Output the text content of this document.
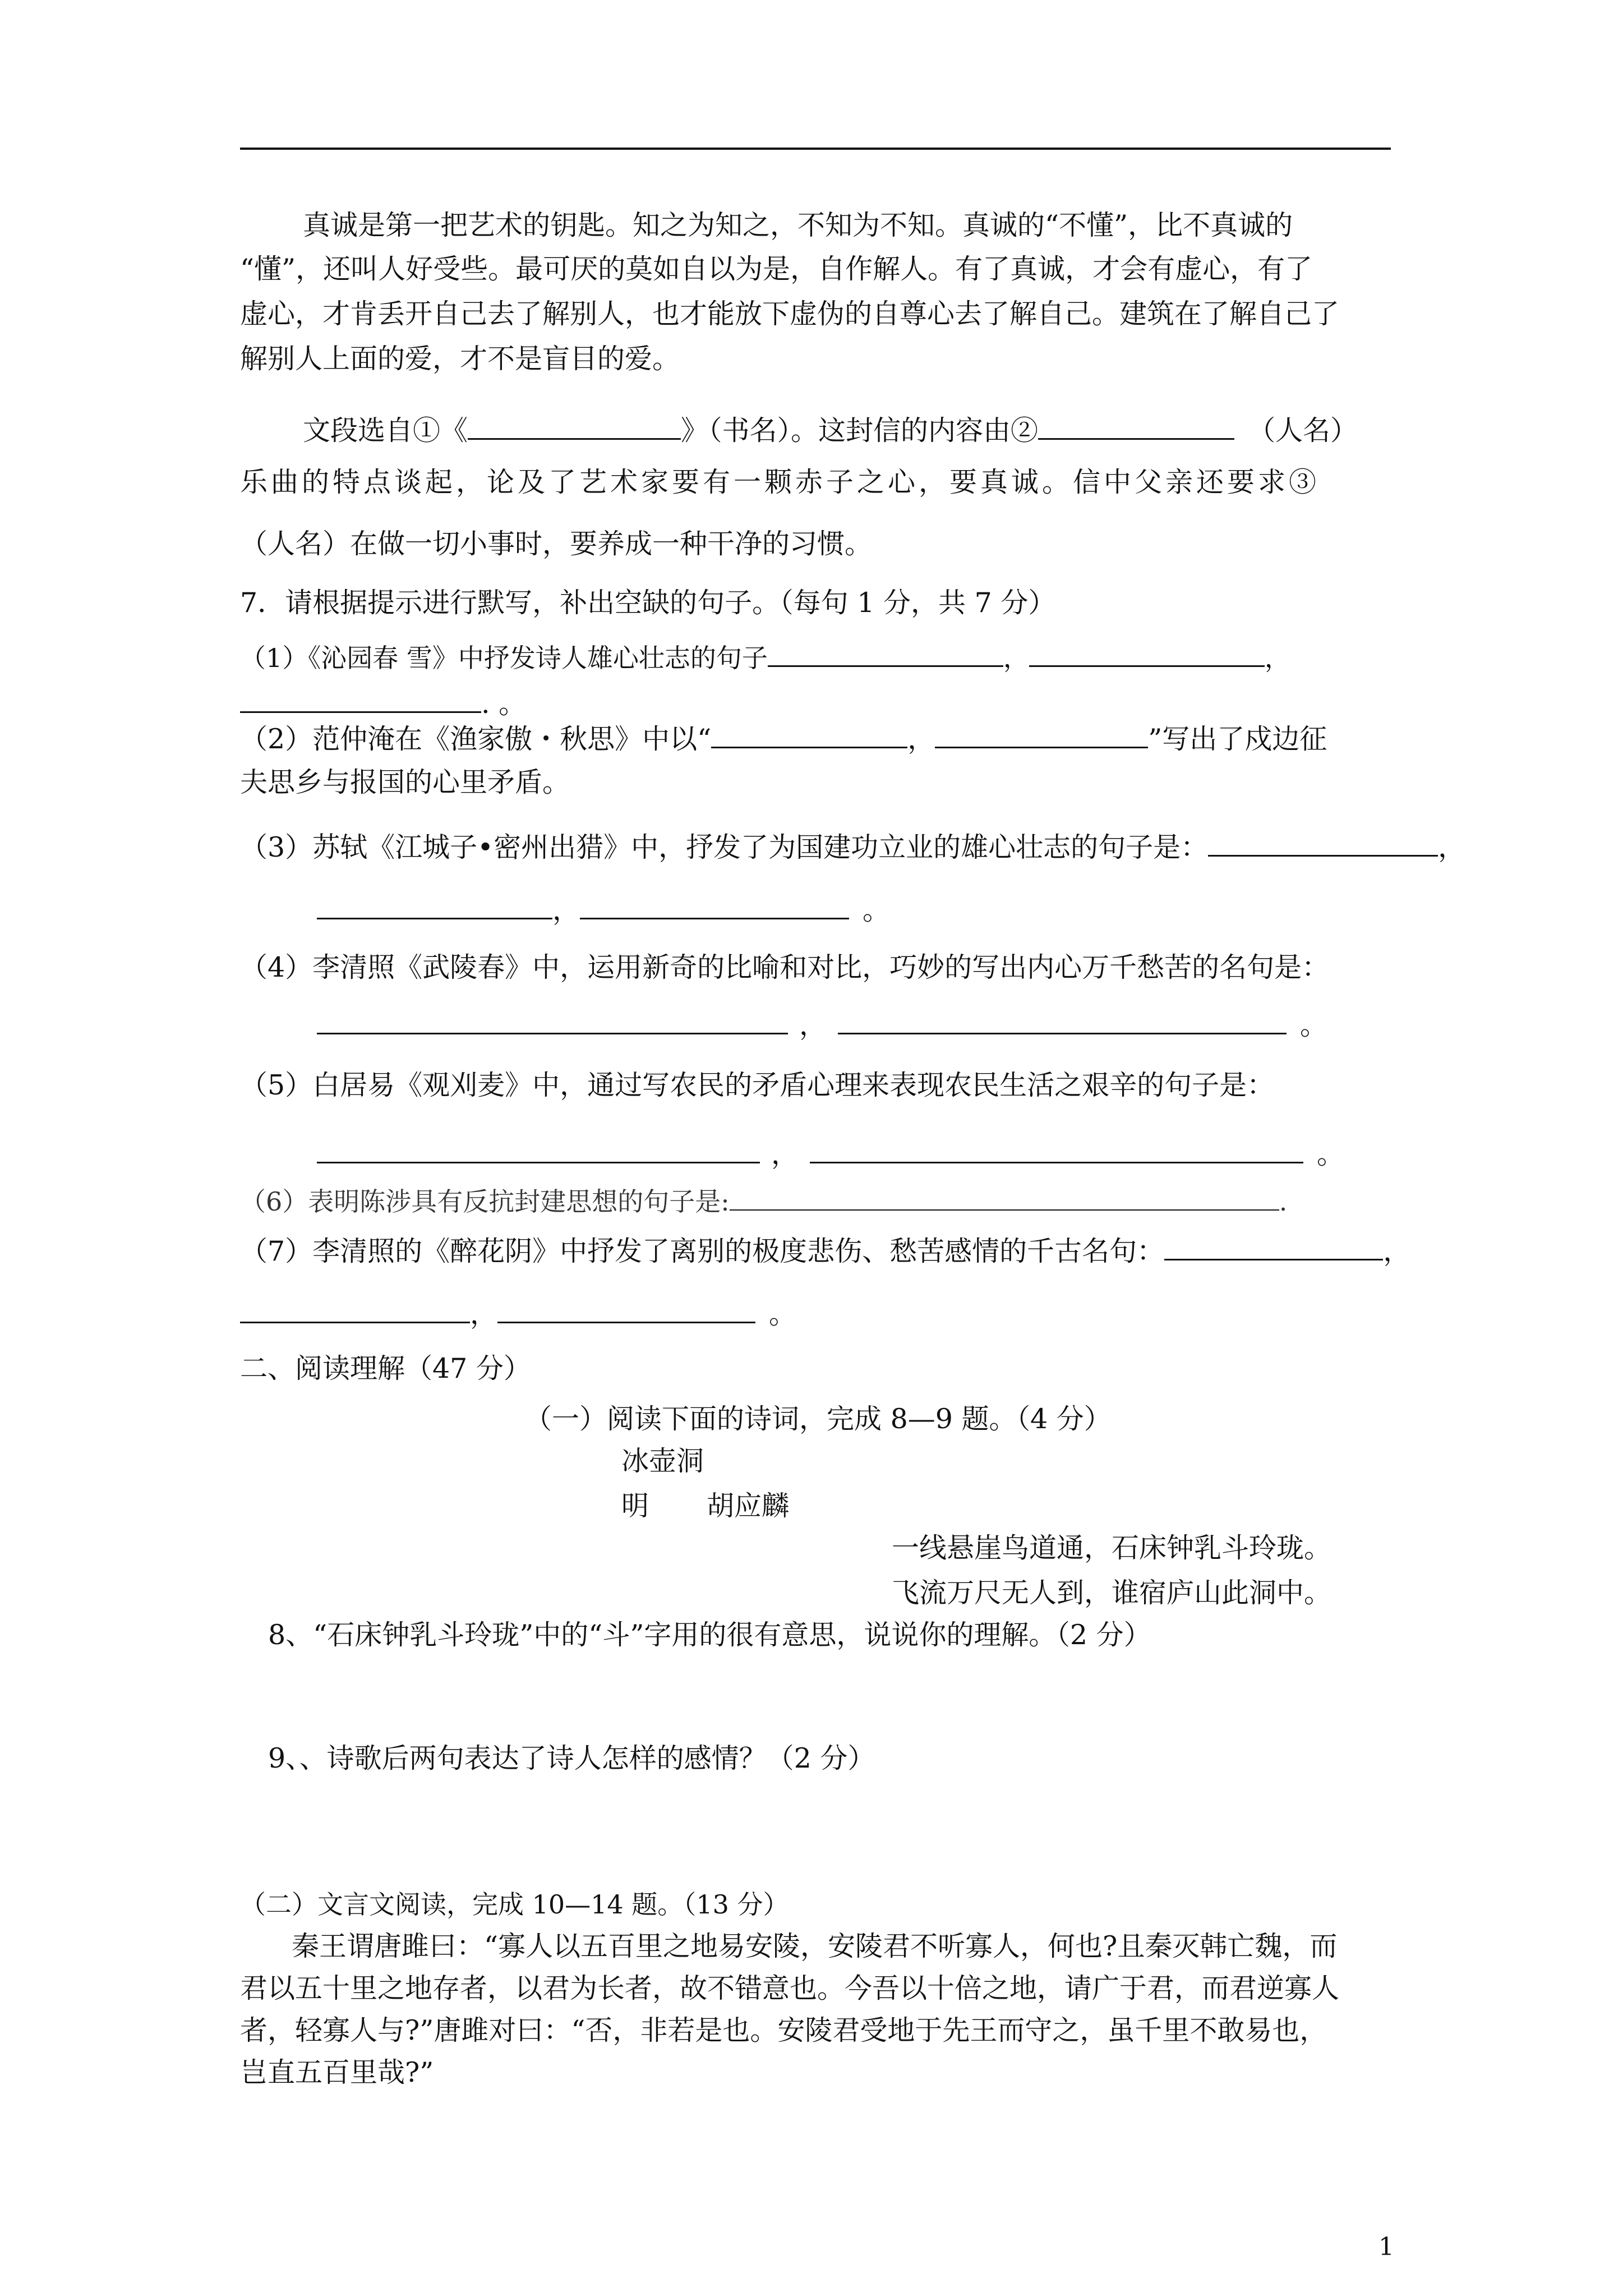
真诚是第一把艺术的钥匙。知之为知之，不知为不知。真诚的“不懂”，比不真诚的
“懂”，还叫人好受些。最可厌的莫如自以为是，自作解人。有了真诚，才会有虚心，有了
虚心，才肯丢开自己去了解别人，也才能放下虚伪的自尊心去了解自己。建筑在了解自己了
解别人上面的爱，才不是盲目的爱。
文段选自①《	》（书名）。这封信的内容由②	（人名）
乐曲的特点谈起，论及了艺术家要有一颗赤子之心，要真诚。信中父亲还要求③
（人名）在做一切小事时，要养成一种干净的习惯。
7．请根据提示进行默写，补出空缺的句子。（每句 1 分，共 7 分）
（1）《沁园春 雪》中抒发诗人雄心壮志的句子	，	，
. 。
（2）范仲淹在《渔家傲・秋思》中以“	，	”写出了戍边征
夫思乡与报国的心里矛盾。
（3）苏轼《江城子•密州出猎》中，抒发了为国建功立业的雄心壮志的句子是：	，
，	。
（4）李清照《武陵春》中，运用新奇的比喻和对比，巧妙的写出内心万千愁苦的名句是：
，	。
（5）白居易《观刈麦》中，通过写农民的矛盾心理来表现农民生活之艰辛的句子是：
，	。
（6）表明陈涉具有反抗封建思想的句子是:	.
（7）李清照的《醉花阴》中抒发了离别的极度悲伤、愁苦感情的千古名句：	，
，	。
二、阅读理解（47 分）
（一）阅读下面的诗词，完成 8—9 题。（4 分）
冰壶洞
明 胡应麟
一线悬崖鸟道通，石床钟乳斗玲珑。
飞流万尺无人到，谁宿庐山此洞中。
8、“石床钟乳斗玲珑”中的“斗”字用的很有意思，说说你的理解。（2 分）
9、、诗歌后两句表达了诗人怎样的感情？（2 分）
（二）文言文阅读，完成 10—14 题。（13 分）
秦王谓唐雎曰：“寡人以五百里之地易安陵，安陵君不听寡人，何也?且秦灭韩亡魏，而
君以五十里之地存者，以君为长者，故不错意也。今吾以十倍之地，请广于君，而君逆寡人
者，轻寡人与?”唐雎对曰：“否，非若是也。安陵君受地于先王而守之，虽千里不敢易也，
岂直五百里哉?”
1
